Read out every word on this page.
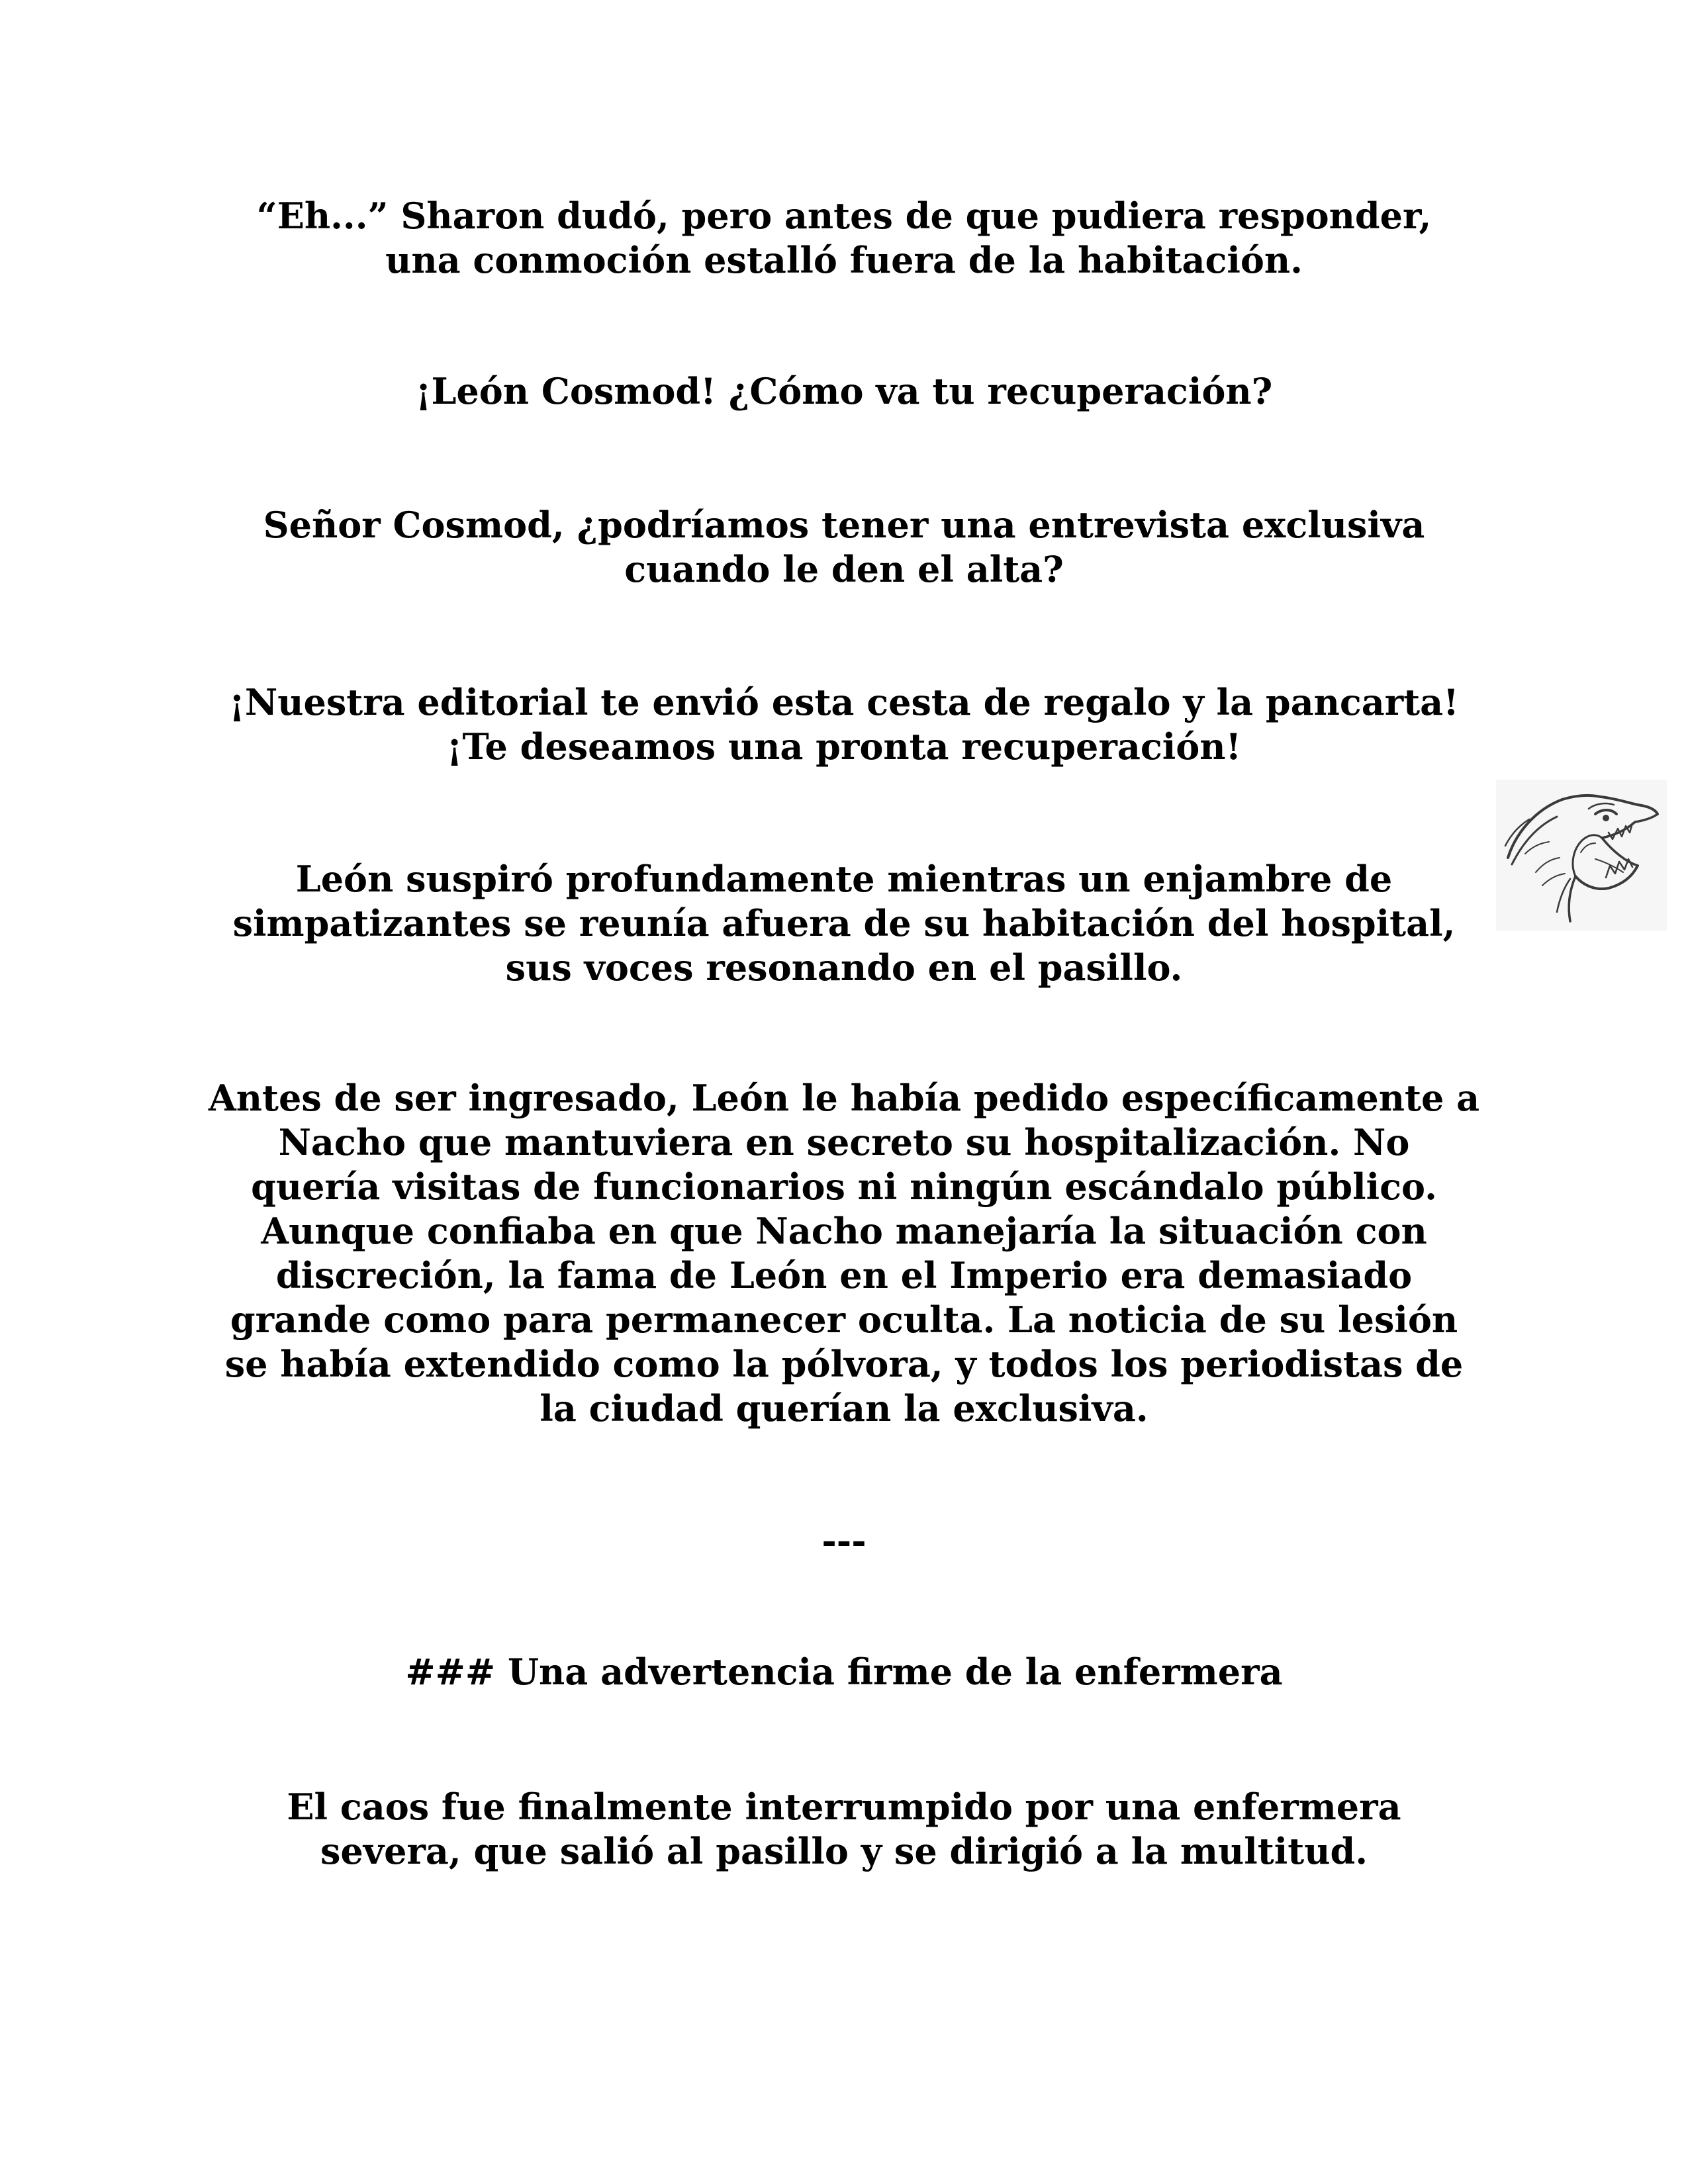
“Eh...” Sharon dudó, pero antes de que pudiera responder,
una conmoción estalló fuera de la habitación.

¡León Cosmod! ¿Cómo va tu recuperación?

Señor Cosmod, ¿podríamos tener una entrevista exclusiva
cuando le den el alta?

¡Nuestra editorial te envió esta cesta de regalo y la pancarta!
¡Te deseamos una pronta recuperación!

León suspiró profundamente mientras un enjambre de
simpatizantes se reunía afuera de su habitación del hospital,
sus voces resonando en el pasillo.

Antes de ser ingresado, León le había pedido específicamente a
Nacho que mantuviera en secreto su hospitalización. No
quería visitas de funcionarios ni ningún escándalo público.
Aunque confiaba en que Nacho manejaría la situación con
discreción, la fama de León en el Imperio era demasiado
grande como para permanecer oculta. La noticia de su lesión
se había extendido como la pólvora, y todos los periodistas de
la ciudad querían la exclusiva.

---

### Una advertencia firme de la enfermera

El caos fue finalmente interrumpido por una enfermera
severa, que salió al pasillo y se dirigió a la multitud.
